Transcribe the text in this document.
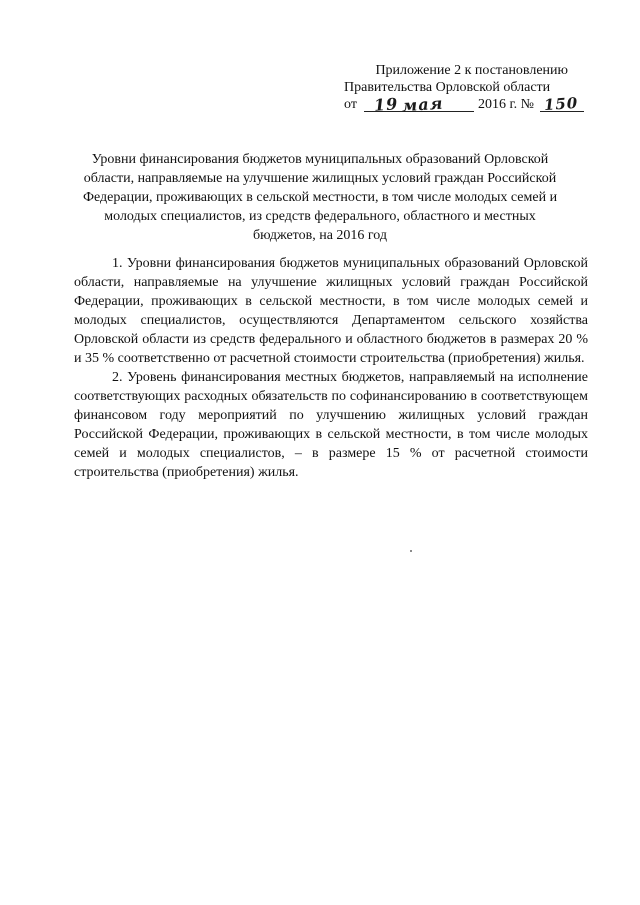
Приложение 2 к постановлению
Правительства Орловской области
от 19 мая 2016 г. № 150
Уровни финансирования бюджетов муниципальных образований Орловской области, направляемые на улучшение жилищных условий граждан Российской Федерации, проживающих в сельской местности, в том числе молодых семей и молодых специалистов, из средств федерального, областного и местных бюджетов, на 2016 год

1. Уровни финансирования бюджетов муниципальных образований Орловской области, направляемые на улучшение жилищных условий граждан Российской Федерации, проживающих в сельской местности, в том числе молодых семей и молодых специалистов, осуществляются Департаментом сельского хозяйства Орловской области из средств федерального и областного бюджетов в размерах 20 % и 35 % соответственно от расчетной стоимости строительства (приобретения) жилья.

2. Уровень финансирования местных бюджетов, направляемый на исполнение соответствующих расходных обязательств по софинансированию в соответствующем финансовом году мероприятий по улучшению жилищных условий граждан Российской Федерации, проживающих в сельской местности, в том числе молодых семей и молодых специалистов, – в размере 15 % от расчетной стоимости строительства (приобретения) жилья.
